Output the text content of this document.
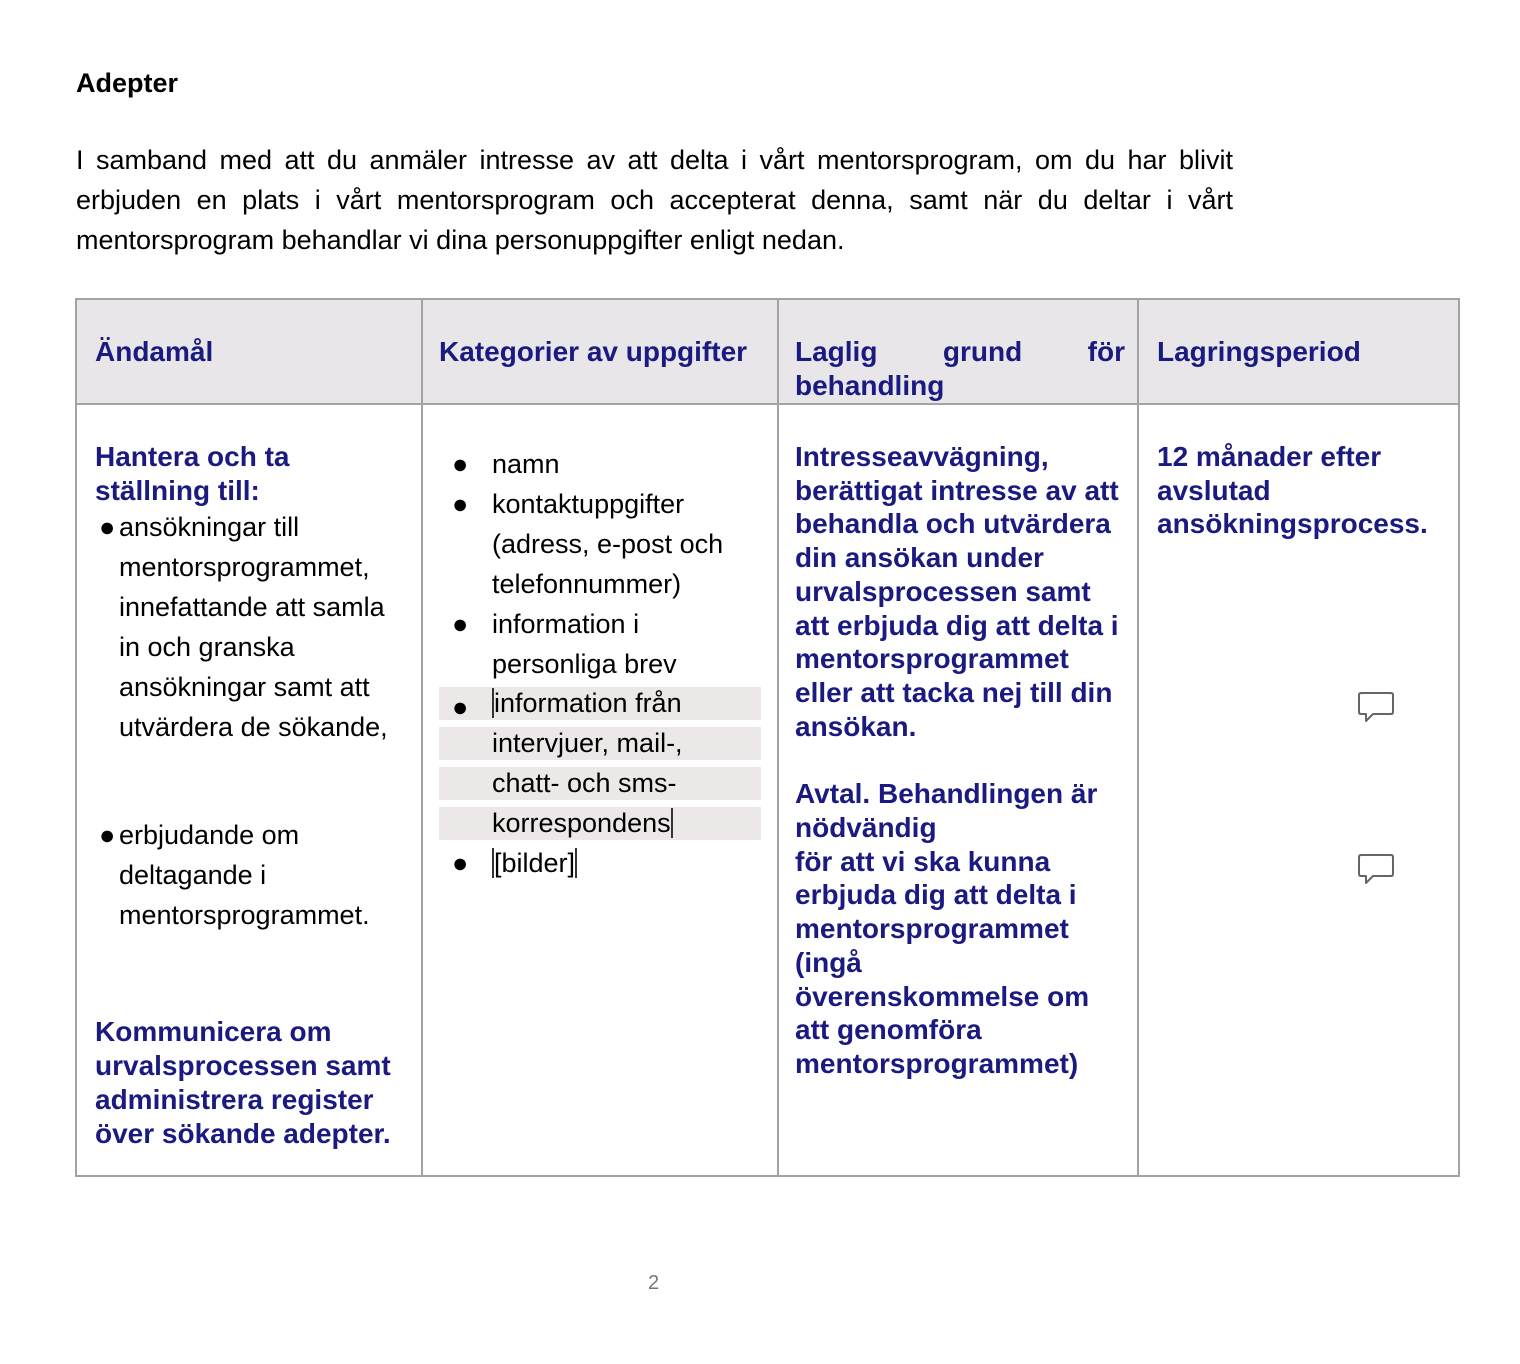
Adepter

I samband med att du anmäler intresse av att delta i vårt mentorsprogram, om du har blivit erbjuden en plats i vårt mentorsprogram och accepterat denna, samt när du deltar i vårt mentorsprogram behandlar vi dina personuppgifter enligt nedan.

Ändamål	Kategorier av uppgifter	Laglig grund för
behandling
Lagringsperiod
Hantera och ta ställning till:
● ansökningar till mentorsprogrammet, innefattande att samla in och granska ansökningar samt att utvärdera de sökande,
● erbjudande om deltagande i mentorsprogrammet.
Kommunicera om urvalsprocessen samt administrera register över sökande adepter.
● namn
● kontaktuppgifter (adress, e-post och telefonnummer)
● information i personliga brev
● information från
intervjuer, mail-,
chatt- och sms-
korrespondens
● [bilder]
Intresseavvägning, berättigat intresse av att behandla och utvärdera din ansökan under urvalsprocessen samt att erbjuda dig att delta i mentorsprogrammet eller att tacka nej till din ansökan.
Avtal. Behandlingen är nödvändig
för att vi ska kunna erbjuda dig att delta i mentorsprogrammet (ingå överenskommelse om att genomföra mentorsprogrammet)
12 månader efter avslutad ansökningsprocess.
2
